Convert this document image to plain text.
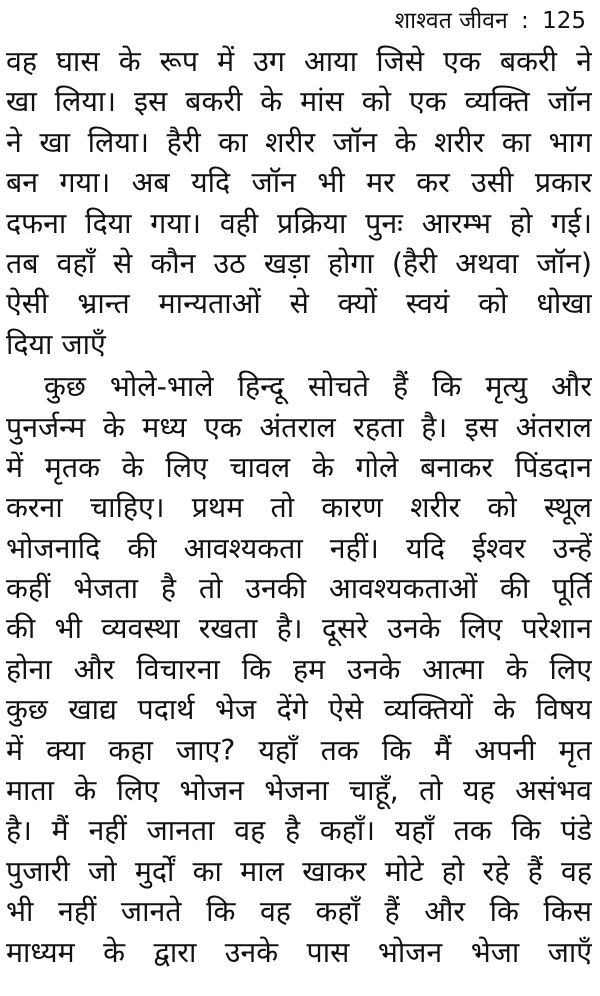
शाश्वत जीवन : 125
वह घास के रूप में उग आया जिसे एक बकरी ने
खा लिया। इस बकरी के मांस को एक व्यक्ति जॉन
ने खा लिया। हैरी का शरीर जॉन के शरीर का भाग
बन गया। अब यदि जॉन भी मर कर उसी प्रकार
दफना दिया गया। वही प्रक्रिया पुनः आरम्भ हो गई।
तब वहाँ से कौन उठ खड़ा होगा (हैरी अथवा जॉन)
ऐसी भ्रान्त मान्यताओं से क्यों स्वयं को धोखा
दिया जाएँ
कुछ भोले-भाले हिन्दू सोचते हैं कि मृत्यु और
पुनर्जन्म के मध्य एक अंतराल रहता है। इस अंतराल
में मृतक के लिए चावल के गोले बनाकर पिंडदान
करना चाहिए। प्रथम तो कारण शरीर को स्थूल
भोजनादि की आवश्यकता नहीं। यदि ईश्वर उन्हें
कहीं भेजता है तो उनकी आवश्यकताओं की पूर्ति
की भी व्यवस्था रखता है। दूसरे उनके लिए परेशान
होना और विचारना कि हम उनके आत्मा के लिए
कुछ खाद्य पदार्थ भेज देंगे ऐसे व्यक्तियों के विषय
में क्या कहा जाए? यहाँ तक कि मैं अपनी मृत
माता के लिए भोजन भेजना चाहूँ, तो यह असंभव
है। मैं नहीं जानता वह है कहाँ। यहाँ तक कि पंडे
पुजारी जो मुर्दों का माल खाकर मोटे हो रहे हैं वह
भी नहीं जानते कि वह कहाँ हैं और कि किस
माध्यम के द्वारा उनके पास भोजन भेजा जाएँ
